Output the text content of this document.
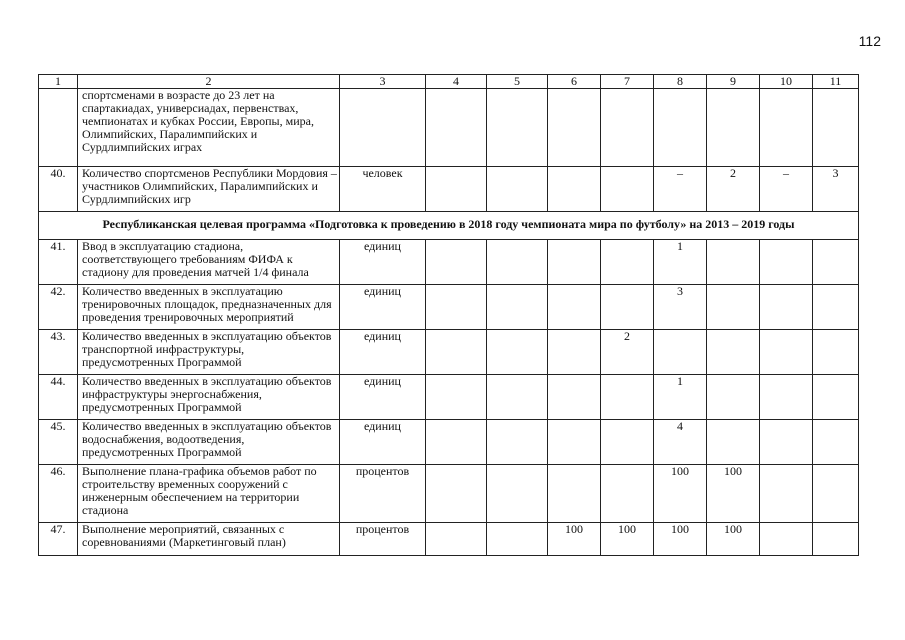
112
1	2	3	4	5	6	7	8	9	10	11
	спортсменами в возрасте до 23 лет на спартакиадах, универсиадах, первенствах, чемпионатах и кубках России, Европы, мира, Олимпийских, Паралимпийских и Сурдлимпийских играх									
40.	Количество спортсменов Республики Мордовия – участников Олимпийских, Паралимпийских и Сурдлимпийских игр	человек					–	2	–	3
Республиканская целевая программа «Подготовка к проведению в 2018 году чемпионата мира по футболу» на 2013 – 2019 годы										
41.	Ввод в эксплуатацию стадиона, соответствующего требованиям ФИФА к стадиону для проведения матчей 1/4 финала	единиц					1			
42.	Количество введенных в эксплуатацию тренировочных площадок, предназначенных для проведения тренировочных мероприятий	единиц					3			
43.	Количество введенных в эксплуатацию объектов транспортной инфраструктуры, предусмотренных Программой	единиц				2				
44.	Количество введенных в эксплуатацию объектов инфраструктуры энергоснабжения, предусмотренных Программой	единиц					1			
45.	Количество введенных в эксплуатацию объектов водоснабжения, водоотведения, предусмотренных Программой	единиц					4			
46.	Выполнение плана-графика объемов работ по строительству временных сооружений с инженерным обеспечением на территории стадиона	процентов					100	100		
47.	Выполнение мероприятий, связанных с соревнованиями (Маркетинговый план)	процентов			100	100	100	100		
